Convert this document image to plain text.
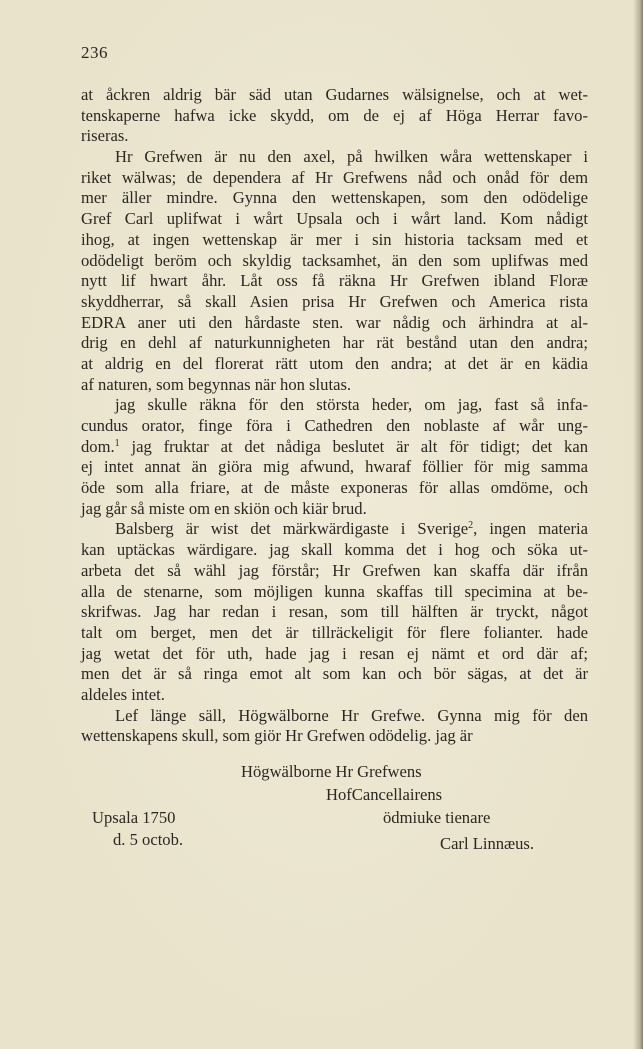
236
at åckren aldrig bär säd utan Gudarnes wälsignelse, och at wet-
tenskaperne hafwa icke skydd, om de ej af Höga Herrar favo-
riseras.
Hr Grefwen är nu den axel, på hwilken wåra wettenskaper i
riket wälwas; de dependera af Hr Grefwens nåd och onåd för dem
mer äller mindre. Gynna den wettenskapen, som den odödelige
Gref Carl uplifwat i wårt Upsala och i wårt land. Kom nådigt
ihog, at ingen wettenskap är mer i sin historia tacksam med et
odödeligt beröm och skyldig tacksamhet, än den som uplifwas med
nytt lif hwart åhr. Låt oss få räkna Hr Grefwen ibland Floræ
skyddherrar, så skall Asien prisa Hr Grefwen och America rista
EDRA aner uti den hårdaste sten. war nådig och ärhindra at al-
drig en dehl af naturkunnigheten har rät bestånd utan den andra;
at aldrig en del florerat rätt utom den andra; at det är en kädia
af naturen, som begynnas när hon slutas.
jag skulle räkna för den största heder, om jag, fast så infa-
cundus orator, finge föra i Cathedren den noblaste af wår ung-
dom.$^1$ jag fruktar at det nådiga beslutet är alt för tidigt; det kan
ej intet annat än giöra mig afwund, hwaraf föllier för mig samma
öde som alla friare, at de måste exponeras för allas omdöme, och
jag går så miste om en skiön och kiär brud.
Balsberg är wist det märkwärdigaste i Sverige$^2$, ingen materia
kan uptäckas wärdigare. jag skall komma det i hog och söka ut-
arbeta det så wähl jag förstår; Hr Grefwen kan skaffa där ifrån
alla de stenarne, som möjligen kunna skaffas till specimina at be-
skrifwas. Jag har redan i resan, som till hälften är tryckt, något
talt om berget, men det är tillräckeligit för flere folianter. hade
jag wetat det för uth, hade jag i resan ej nämt et ord där af;
men det är så ringa emot alt som kan och bör sägas, at det är
aldeles intet.
Lef länge säll, Högwälborne Hr Grefwe. Gynna mig för den
wettenskapens skull, som giör Hr Grefwen odödelig. jag är
Högwälborne Hr Grefwens
HofCancellairens
Upsala 1750	ödmiuke tienare
d. 5 octob.	Carl Linnæus.
